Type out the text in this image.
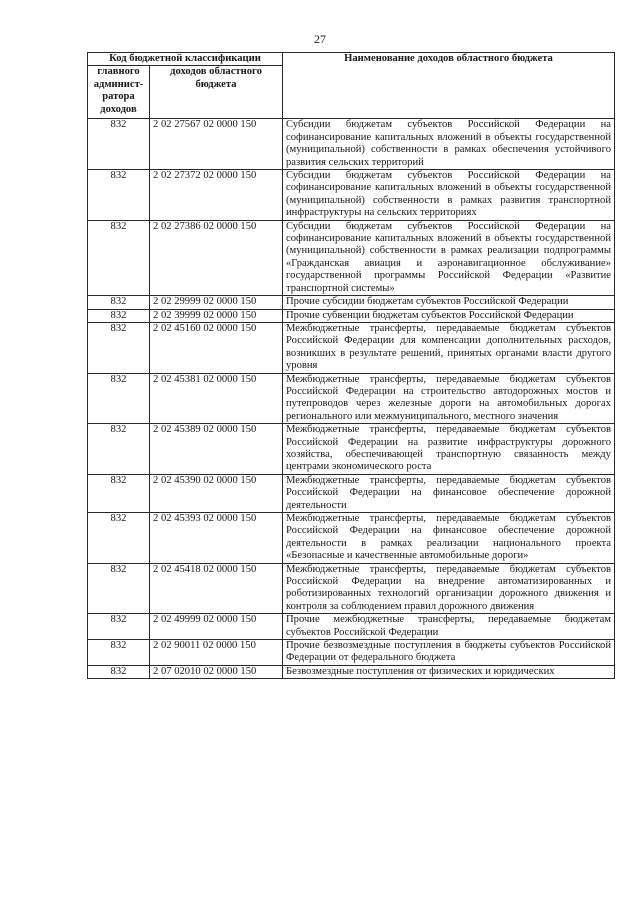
27
Код бюджетной классификации		Наименование доходов областного бюджета
главного админист-ратора доходов	доходов областного бюджета	
832	2 02 27567 02 0000 150	Субсидии бюджетам субъектов Российской Федерации на софинансирование капитальных вложений в объекты государственной (муниципальной) собственности в рамках обеспечения устойчивого развития сельских территорий
832	2 02 27372 02 0000 150	Субсидии бюджетам субъектов Российской Федерации на софинансирование капитальных вложений в объекты государственной (муниципальной) собственности в рамках развития транспортной инфраструктуры на сельских территориях
832	2 02 27386 02 0000 150	Субсидии бюджетам субъектов Российской Федерации на софинансирование капитальных вложений в объекты государственной (муниципальной) собственности в рамках реализации подпрограммы «Гражданская авиация и аэронавигационное обслуживание» государственной программы Российской Федерации «Развитие транспортной системы»
832	2 02 29999 02 0000 150	Прочие субсидии бюджетам субъектов Российской Федерации
832	2 02 39999 02 0000 150	Прочие субвенции бюджетам субъектов Российской Федерации
832	2 02 45160 02 0000 150	Межбюджетные трансферты, передаваемые бюджетам субъектов Российской Федерации для компенсации дополнительных расходов, возникших в результате решений, принятых органами власти другого уровня
832	2 02 45381 02 0000 150	Межбюджетные трансферты, передаваемые бюджетам субъектов Российской Федерации на строительство автодорожных мостов и путепроводов через железные дороги на автомобильных дорогах регионального или межмуниципального, местного значения
832	2 02 45389 02 0000 150	Межбюджетные трансферты, передаваемые бюджетам субъектов Российской Федерации на развитие инфраструктуры дорожного хозяйства, обеспечивающей транспортную связанность между центрами экономического роста
832	2 02 45390 02 0000 150	Межбюджетные трансферты, передаваемые бюджетам субъектов Российской Федерации на финансовое обеспечение дорожной деятельности
832	2 02 45393 02 0000 150	Межбюджетные трансферты, передаваемые бюджетам субъектов Российской Федерации на финансовое обеспечение дорожной деятельности в рамках реализации национального проекта «Безопасные и качественные автомобильные дороги»
832	2 02 45418 02 0000 150	Межбюджетные трансферты, передаваемые бюджетам субъектов Российской Федерации на внедрение автоматизированных и роботизированных технологий организации дорожного движения и контроля за соблюдением правил дорожного движения
832	2 02 49999 02 0000 150	Прочие межбюджетные трансферты, передаваемые бюджетам субъектов Российской Федерации
832	2 02 90011 02 0000 150	Прочие безвозмездные поступления в бюджеты субъектов Российской Федерации от федерального бюджета
832	2 07 02010 02 0000 150	Безвозмездные поступления от физических и юридических
